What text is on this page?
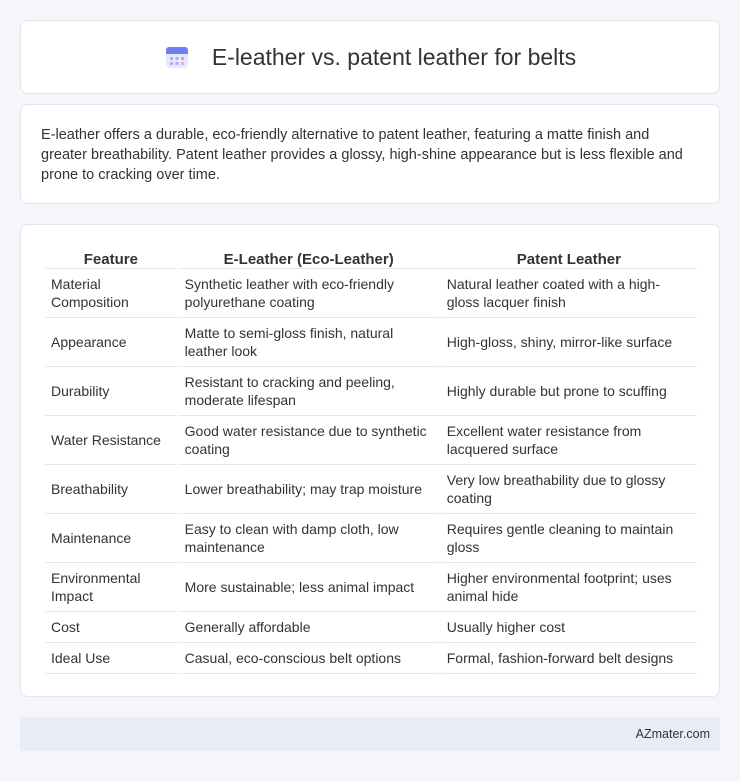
E-leather vs. patent leather for belts

E-leather offers a durable, eco-friendly alternative to patent leather, featuring a matte finish and greater breathability. Patent leather provides a glossy, high-shine appearance but is less flexible and prone to cracking over time.

Feature	E-Leather (Eco-Leather)	Patent Leather
Material Composition	Synthetic leather with eco-friendly polyurethane coating	Natural leather coated with a high-gloss lacquer finish
Appearance	Matte to semi-gloss finish, natural leather look	High-gloss, shiny, mirror-like surface
Durability	Resistant to cracking and peeling, moderate lifespan	Highly durable but prone to scuffing
Water Resistance	Good water resistance due to synthetic coating	Excellent water resistance from lacquered surface
Breathability	Lower breathability; may trap moisture	Very low breathability due to glossy coating
Maintenance	Easy to clean with damp cloth, low maintenance	Requires gentle cleaning to maintain gloss
Environmental Impact	More sustainable; less animal impact	Higher environmental footprint; uses animal hide
Cost	Generally affordable	Usually higher cost
Ideal Use	Casual, eco-conscious belt options	Formal, fashion-forward belt designs
AZmater.com
